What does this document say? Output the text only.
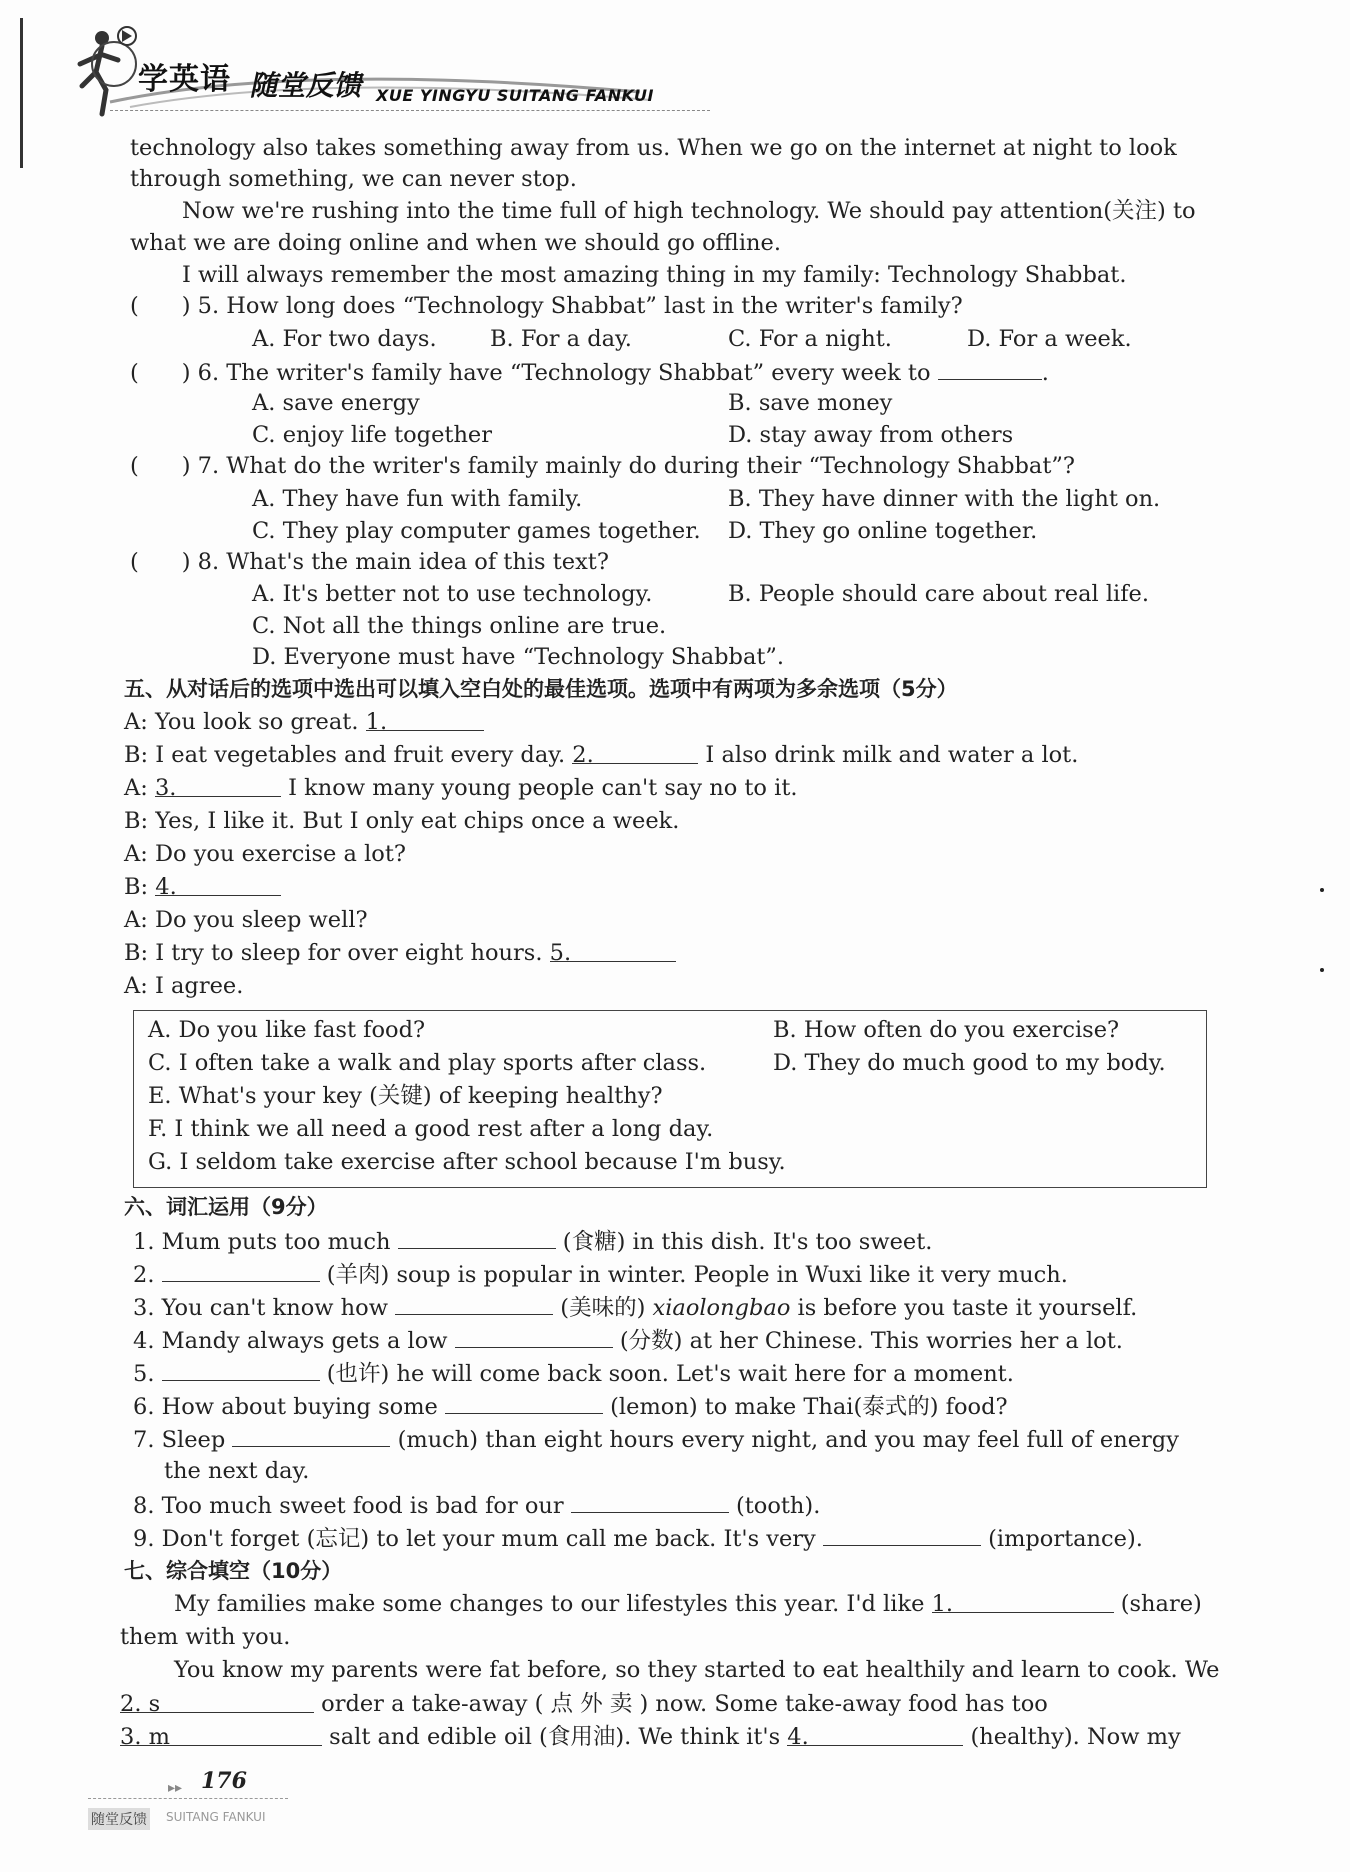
学英语 随堂反馈 XUE YINGYU SUITANG FANKUI
technology also takes something away from us. When we go on the internet at night to look
through something, we can never stop.
Now we're rushing into the time full of high technology. We should pay attention(关注) to
what we are doing online and when we should go offline.
I will always remember the most amazing thing in my family: Technology Shabbat.
(      ) 5. How long does “Technology Shabbat” last in the writer's family?
A. For two days. B. For a day.	C. For a night.	D. For a week.
(      ) 6. The writer's family have “Technology Shabbat” every week to	.
A. save energy	B. save money
C. enjoy life together	D. stay away from others
(      ) 7. What do the writer's family mainly do during their “Technology Shabbat”?
A. They have fun with family.	B. They have dinner with the light on.
C. They play computer games together. D. They go online together.
(      ) 8. What's the main idea of this text?
A. It's better not to use technology.	B. People should care about real life.
C. Not all the things online are true.
D. Everyone must have “Technology Shabbat”.
五、从对话后的选项中选出可以填入空白处的最佳选项。选项中有两项为多余选项（5分）
A: You look so great. 1.
B: I eat vegetables and fruit every day. 2.	I also drink milk and water a lot.
A: 3.	I know many young people can't say no to it.
B: Yes, I like it. But I only eat chips once a week.
A: Do you exercise a lot?
B: 4.
A: Do you sleep well?
B: I try to sleep for over eight hours. 5.
A: I agree.
A. Do you like fast food?	B. How often do you exercise?
C. I often take a walk and play sports after class.	D. They do much good to my body.
E. What's your key (关键) of keeping healthy?
F. I think we all need a good rest after a long day.
G. I seldom take exercise after school because I'm busy.
六、词汇运用（9分）
1. Mum puts too much	(食糖) in this dish. It's too sweet.
2.	(羊肉) soup is popular in winter. People in Wuxi like it very much.
3. You can't know how	(美味的) xiaolongbao is before you taste it yourself.
4. Mandy always gets a low	(分数) at her Chinese. This worries her a lot.
5.	(也许) he will come back soon. Let's wait here for a moment.
6. How about buying some	(lemon) to make Thai(泰式的) food?
7. Sleep	(much) than eight hours every night, and you may feel full of energy
the next day.
8. Too much sweet food is bad for our	(tooth).
9. Don't forget (忘记) to let your mum call me back. It's very	(importance).
七、综合填空（10分）
My families make some changes to our lifestyles this year. I'd like 1.	(share)
them with you.
You know my parents were fat before, so they started to eat healthily and learn to cook. We
2. s	order a take-away ( 点 外 卖 ) now. Some take-away food has too
3. m	salt and edible oil (食用油). We think it's 4.	(healthy). Now my
▸▸ 176
随堂反馈 SUITANG FANKUI
